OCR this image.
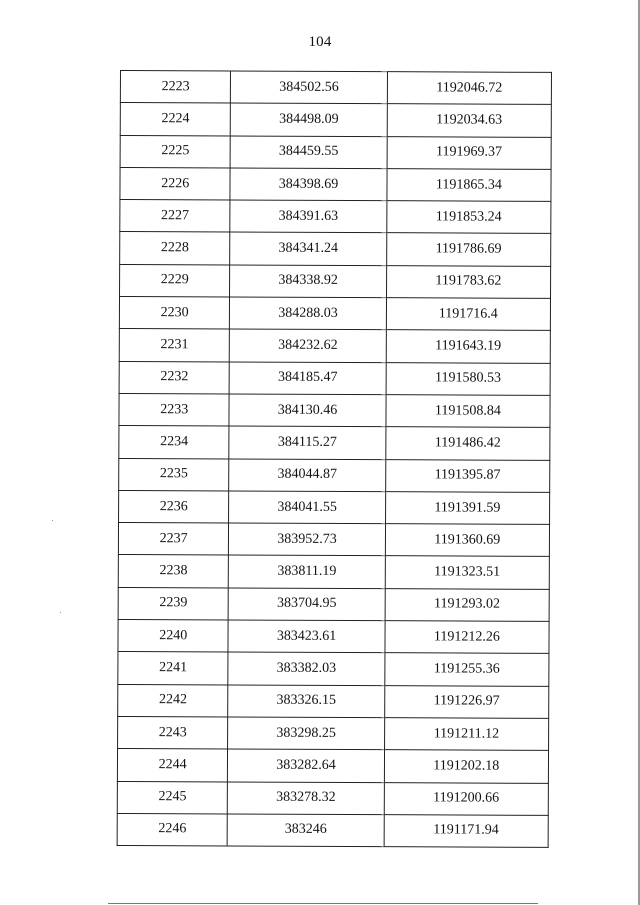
104
2223	384502.56	1192046.72
2224	384498.09	1192034.63
2225	384459.55	1191969.37
2226	384398.69	1191865.34
2227	384391.63	1191853.24
2228	384341.24	1191786.69
2229	384338.92	1191783.62
2230	384288.03	1191716.4
2231	384232.62	1191643.19
2232	384185.47	1191580.53
2233	384130.46	1191508.84
2234	384115.27	1191486.42
2235	384044.87	1191395.87
2236	384041.55	1191391.59
2237	383952.73	1191360.69
2238	383811.19	1191323.51
2239	383704.95	1191293.02
2240	383423.61	1191212.26
2241	383382.03	1191255.36
2242	383326.15	1191226.97
2243	383298.25	1191211.12
2244	383282.64	1191202.18
2245	383278.32	1191200.66
2246	383246	1191171.94
